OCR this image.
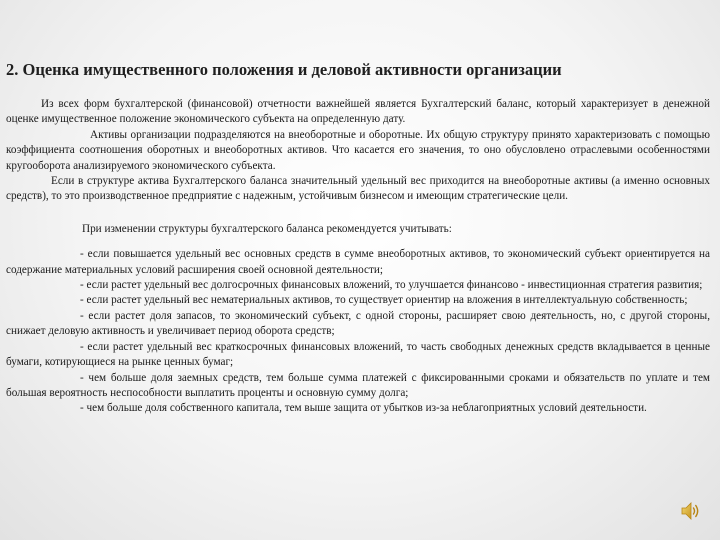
2. Оценка имущественного положения и деловой активности организации

Из всех форм бухгалтерской (финансовой) отчетности важнейшей является Бухгалтерский баланс, который характеризует в денежной оценке имущественное положение экономического субъекта на определенную дату.

Активы организации подразделяются на внеоборотные и оборотные. Их общую структуру принято характеризовать с помощью коэффициента соотношения оборотных и внеоборотных активов. Что касается его значения, то оно обусловлено отраслевыми особенностями кругооборота анализируемого экономического субъекта.

Если в структуре актива Бухгалтерского баланса значительный удельный вес приходится на внеоборотные активы (а именно основных средств), то это производственное предприятие с надежным, устойчивым бизнесом и имеющим стратегические цели.

При изменении структуры бухгалтерского баланса рекомендуется учитывать:

- если повышается удельный вес основных средств в сумме внеоборотных активов, то экономический субъект ориентируется на содержание материальных условий расширения своей основной деятельности;

- если растет удельный вес долгосрочных финансовых вложений, то улучшается финансово - инвестиционная стратегия развития;

- если растет удельный вес нематериальных активов, то существует ориентир на вложения в интеллектуальную собственность;

- если растет доля запасов, то экономический субъект, с одной стороны, расширяет свою деятельность, но, с другой стороны, снижает деловую активность и увеличивает период оборота средств;

- если растет удельный вес краткосрочных финансовых вложений, то часть свободных денежных средств вкладывается в ценные бумаги, котирующиеся на рынке ценных бумаг;

- чем больше доля заемных средств, тем больше сумма платежей с фиксированными сроками и обязательств по уплате и тем большая вероятность неспособности выплатить проценты и основную сумму долга;

- чем больше доля собственного капитала, тем выше защита от убытков из-за неблагоприятных условий деятельности.
